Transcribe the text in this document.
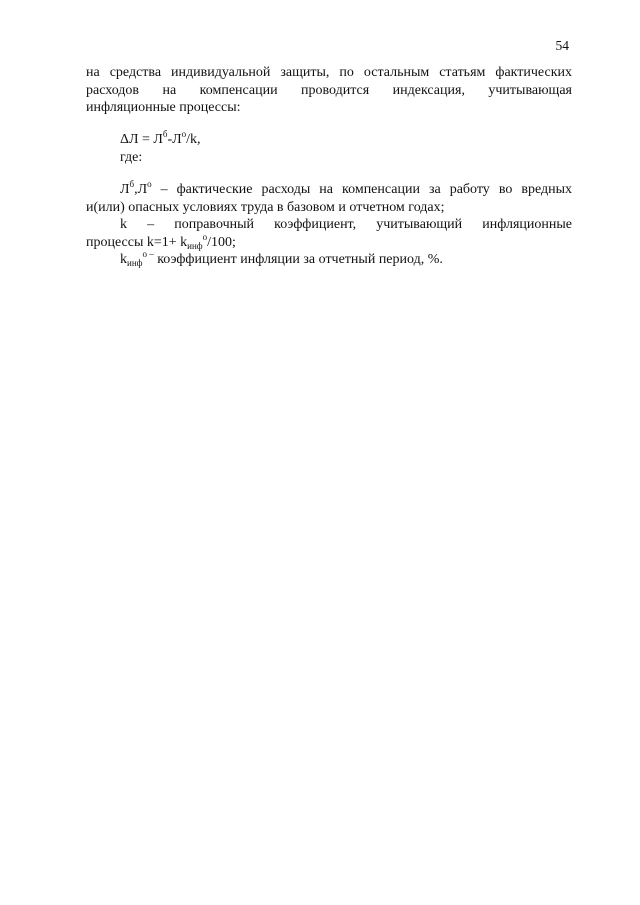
54
на средства индивидуальной защиты, по остальным статьям фактических
расходов на компенсации проводится индексация, учитывающая
инфляционные процессы:
$\Delta Л = Л^б-Л^о/k$,
где:
$Л^б,Л^о$ – фактические расходы на компенсации за работу во вредных
и(или) опасных условиях труда в базовом и отчетном годах;
k – поправочный коэффициент, учитывающий инфляционные
процессы $k=1+ k_{инф}^о/100$;
$k_{инф}^{о -}$ коэффициент инфляции за отчетный период, %.
